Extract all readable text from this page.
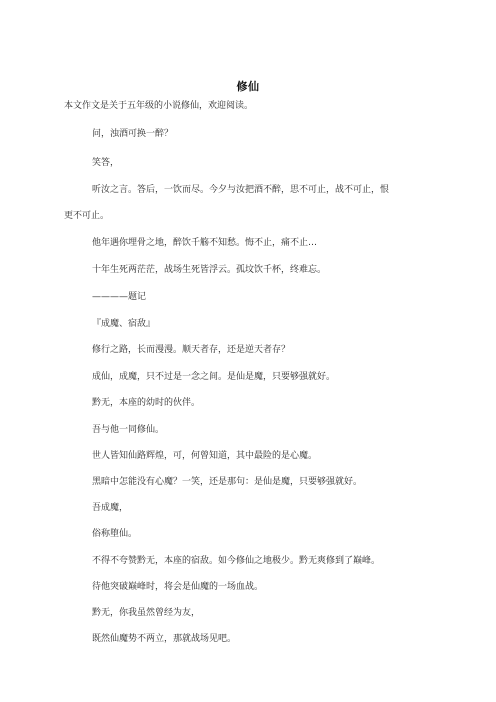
修仙
本文作文是关于五年级的小说修仙，欢迎阅读。
问，浊酒可换一醉？
笑答，
听汝之言。答后，一饮而尽。今夕与汝把酒不醉，思不可止，战不可止，恨
更不可止。
他年遇你埋骨之地，醉饮千觞不知愁。悔不止，痛不止…
十年生死两茫茫，战场生死皆浮云。孤坟饮千杯，终难忘。
————题记
『成魔、宿敌』
修行之路，长而漫漫。顺天者存，还是逆天者存？
成仙，成魔，只不过是一念之间。是仙是魔，只要够强就好。
黔无，本座的幼时的伙伴。
吾与他一同修仙。
世人皆知仙路辉煌，可，何曾知道，其中最险的是心魔。
黑暗中怎能没有心魔？一笑，还是那句：是仙是魔，只要够强就好。
吾成魔，
俗称堕仙。
不得不夸赞黔无，本座的宿敌。如今修仙之地极少。黔无爽修到了巅峰。
待他突破巅峰时，将会是仙魔的一场血战。
黔无，你我虽然曾经为友，
既然仙魔势不两立，那就战场见吧。
